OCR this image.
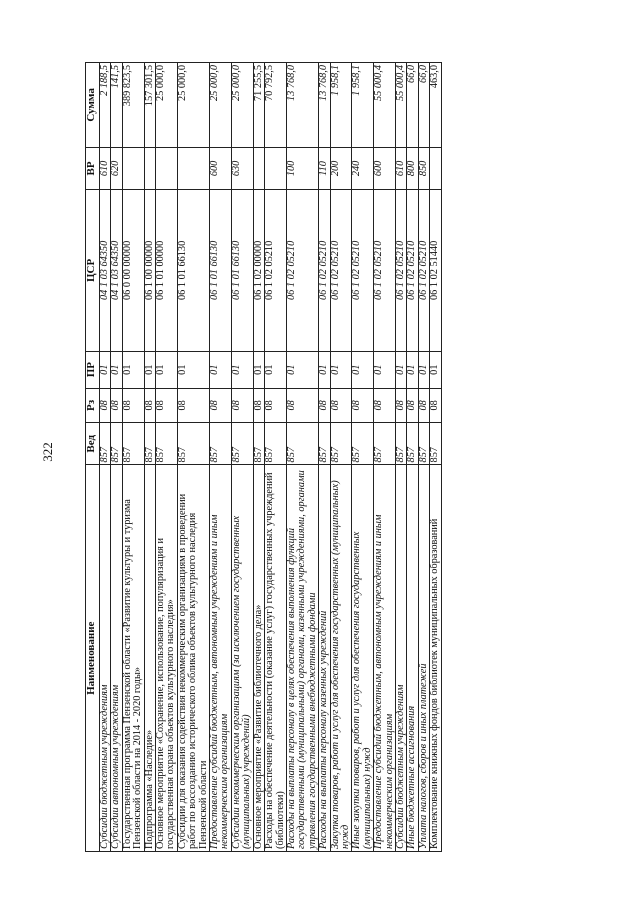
322
Наименование	Вед	Рз	ПР	ЦСР	ВР	Сумма
Субсидии бюджетным учреждениям	857	08	01	04 1 03 64350	610	2 188,5
Субсидии автономным учреждениям	857	08	01	04 1 03 64350	620	141,5
Государственная программа Пензенской области «Развитие культуры и туризма Пензенской области на 2014 - 2020 годы»	857	08	01	06 0 00 00000		389 823,5
Подпрограмма «Наследие»	857	08	01	06 1 00 00000		157 301,5
Основное мероприятие «Сохранение, использование, популяризация и государственная охрана объектов культурного наследия»	857	08	01	06 1 01 00000		25 000,0
Субсидии для оказания содействия некоммерческим организациям в проведении работ по воссозданию исторического облика объектов культурного наследия Пензенской области	857	08	01	06 1 01 66130		25 000,0
Предоставление субсидий бюджетным, автономным учреждениям и иным некоммерческим организациям	857	08	01	06 1 01 66130	600	25 000,0
Субсидии некоммерческим организациям (за исключением государственных (муниципальных) учреждений)	857	08	01	06 1 01 66130	630	25 000,0
Основное мероприятие «Развитие библиотечного дела»	857	08	01	06 1 02 00000		71 255,5
Расходы на обеспечение деятельности (оказание услуг) государственных учреждений (библиотеки)	857	08	01	06 1 02 05210		70 792,5
Расходы на выплаты персоналу в целях обеспечения выполнения функций государственными (муниципальными) органами, казенными учреждениями, органами управления государственными внебюджетными фондами	857	08	01	06 1 02 05210	100	13 768,0
Расходы на выплаты персоналу казенных учреждений	857	08	01	06 1 02 05210	110	13 768,0
Закупка товаров, работ и услуг для обеспечения государственных (муниципальных) нужд	857	08	01	06 1 02 05210	200	1 958,1
Иные закупки товаров, работ и услуг для обеспечения государственных (муниципальных) нужд	857	08	01	06 1 02 05210	240	1 958,1
Предоставление субсидий бюджетным, автономным учреждениям и иным некоммерческим организациям	857	08	01	06 1 02 05210	600	55 000,4
Субсидии бюджетным учреждениям	857	08	01	06 1 02 05210	610	55 000,4
Иные бюджетные ассигнования	857	08	01	06 1 02 05210	800	66,0
Уплата налогов, сборов и иных платежей	857	08	01	06 1 02 05210	850	66,0
Комплектование книжных фондов библиотек муниципальных образований	857	08	01	06 1 02 51440		463,0
